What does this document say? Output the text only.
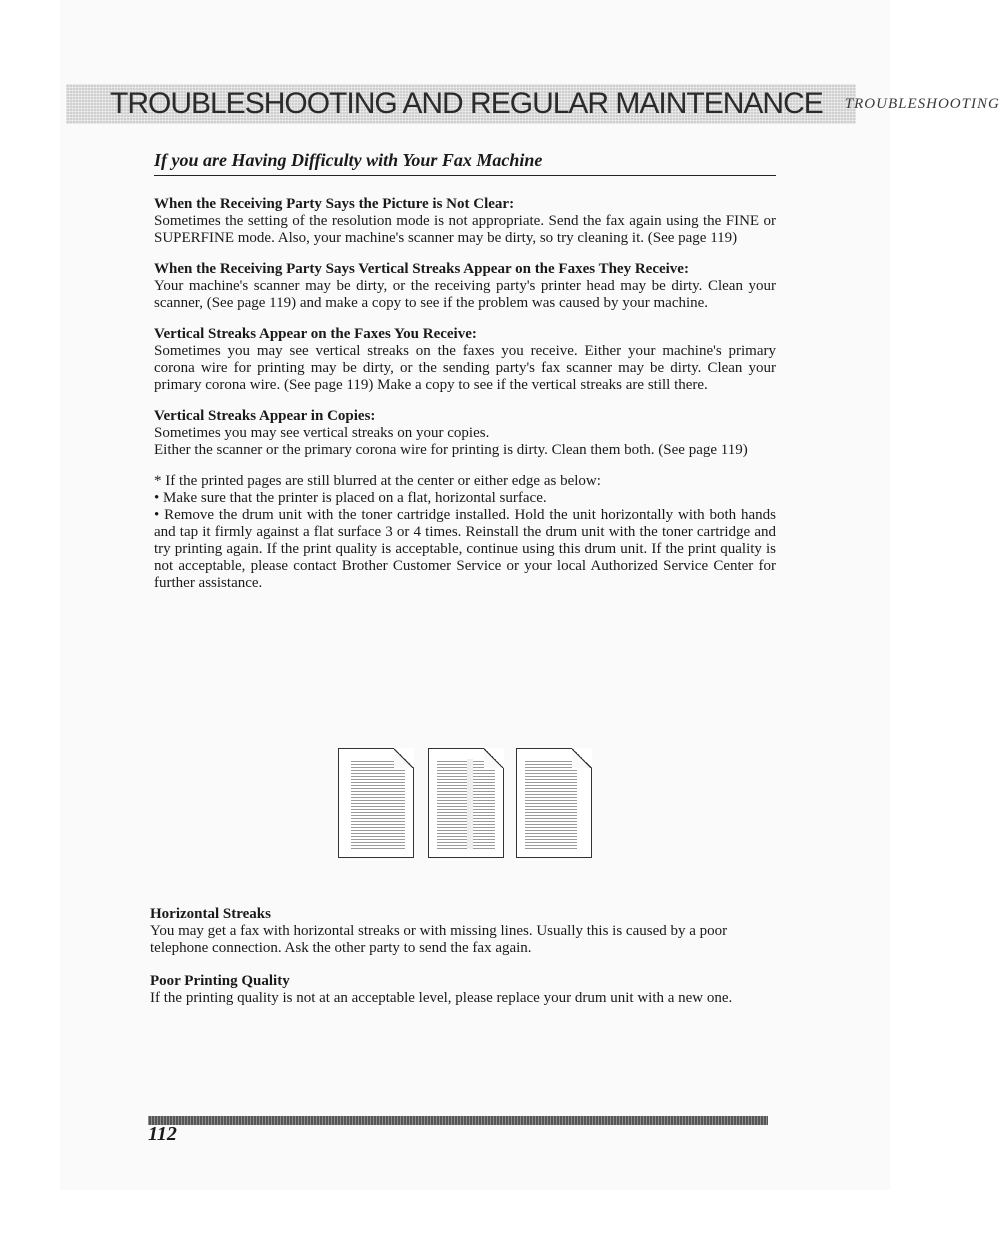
TROUBLESHOOTING AND REGULAR MAINTENANCE TROUBLESHOOTING
If you are Having Difficulty with Your Fax Machine
When the Receiving Party Says the Picture is Not Clear:

Sometimes the setting of the resolution mode is not appropriate. Send the fax again using the FINE or SUPERFINE mode. Also, your machine's scanner may be dirty, so try cleaning it. (See page 119)

When the Receiving Party Says Vertical Streaks Appear on the Faxes They Receive:

Your machine's scanner may be dirty, or the receiving party's printer head may be dirty. Clean your scanner, (See page 119) and make a copy to see if the problem was caused by your machine.

Vertical Streaks Appear on the Faxes You Receive:

Sometimes you may see vertical streaks on the faxes you receive. Either your machine's primary corona wire for printing may be dirty, or the sending party's fax scanner may be dirty. Clean your primary corona wire. (See page 119) Make a copy to see if the vertical streaks are still there.

Vertical Streaks Appear in Copies:

Sometimes you may see vertical streaks on your copies.

Either the scanner or the primary corona wire for printing is dirty. Clean them both. (See page 119)

* If the printed pages are still blurred at the center or either edge as below:

• Make sure that the printer is placed on a flat, horizontal surface.

• Remove the drum unit with the toner cartridge installed. Hold the unit horizontally with both hands and tap it firmly against a flat surface 3 or 4 times. Reinstall the drum unit with the toner cartridge and try printing again. If the print quality is acceptable, continue using this drum unit. If the print quality is not acceptable, please contact Brother Customer Service or your local Authorized Service Center for further assistance.

Horizontal Streaks

You may get a fax with horizontal streaks or with missing lines. Usually this is caused by a poor telephone connection. Ask the other party to send the fax again.

Poor Printing Quality

If the printing quality is not at an acceptable level, please replace your drum unit with a new one.

112
